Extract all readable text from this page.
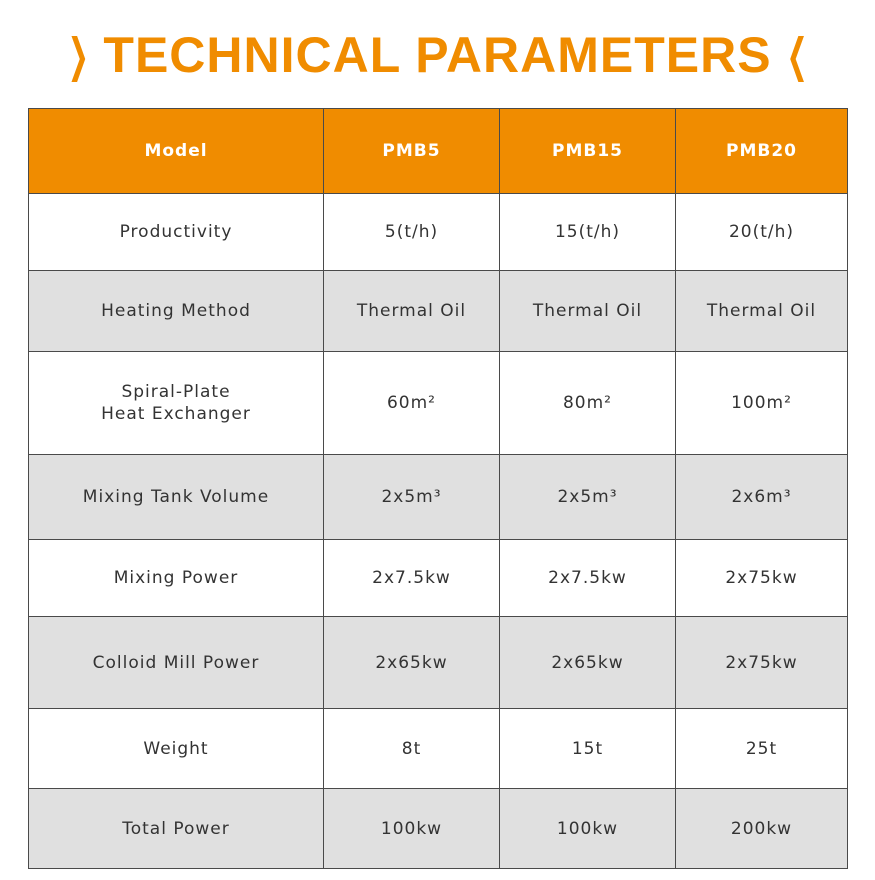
❯ TECHNICAL PARAMETERS ❮
Model	PMB5	PMB15	PMB20
Productivity	5(t/h)	15(t/h)	20(t/h)
Heating Method	Thermal Oil	Thermal Oil	Thermal Oil

Spiral-Plate
Heat Exchanger	60m²	80m²	100m²
Mixing Tank Volume	2x5m³	2x5m³	2x6m³
Mixing Power	2x7.5kw	2x7.5kw	2x75kw
Colloid Mill Power	2x65kw	2x65kw	2x75kw
Weight	8t	15t	25t
Total Power	100kw	100kw	200kw
